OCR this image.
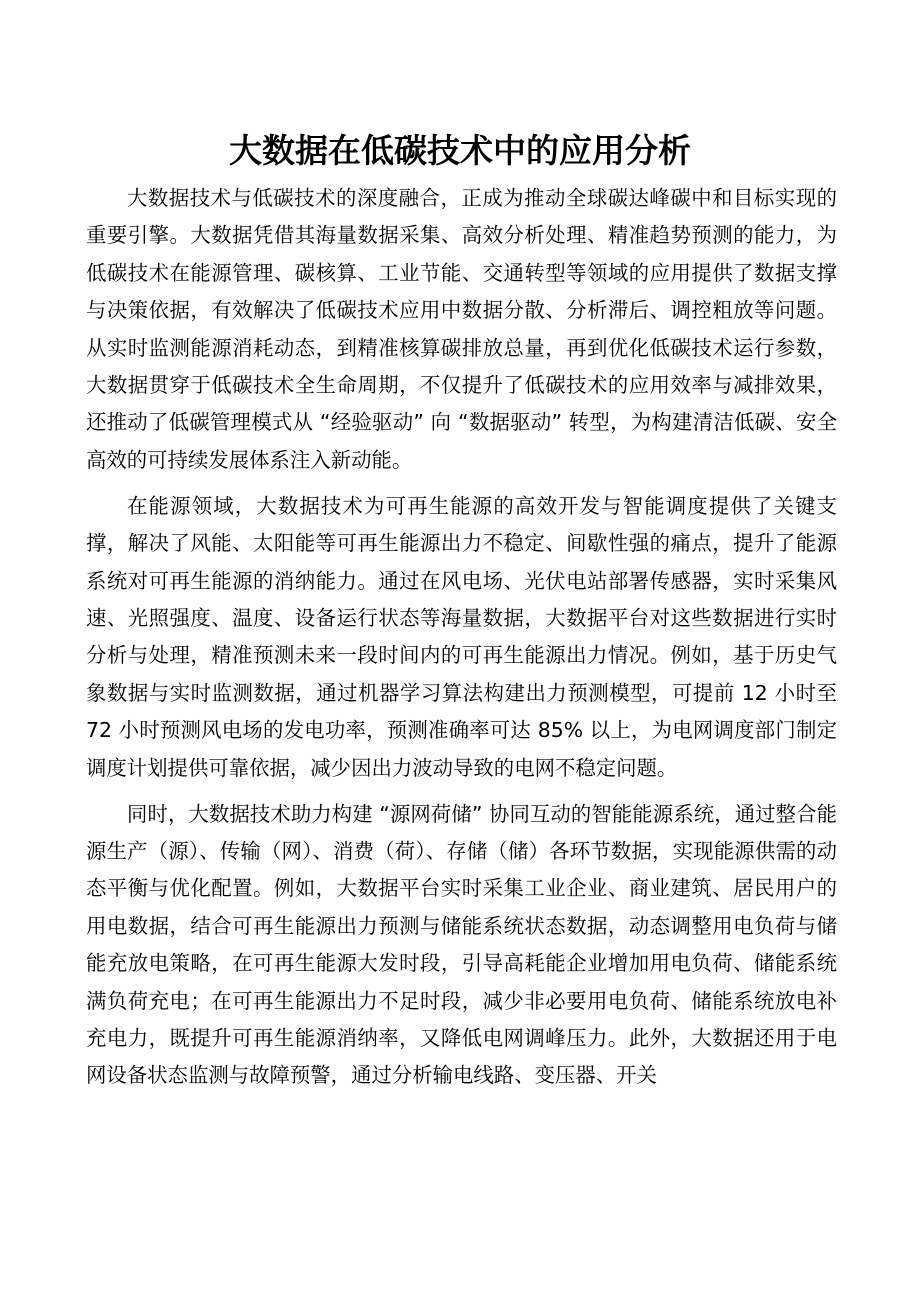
大数据在低碳技术中的应用分析

大数据技术与低碳技术的深度融合，正成为推动全球碳达峰碳中和目标实现的重要引擎。大数据凭借其海量数据采集、高效分析处理、精准趋势预测的能力，为低碳技术在能源管理、碳核算、工业节能、交通转型等领域的应用提供了数据支撑与决策依据，有效解决了低碳技术应用中数据分散、分析滞后、调控粗放等问题。从实时监测能源消耗动态，到精准核算碳排放总量，再到优化低碳技术运行参数，大数据贯穿于低碳技术全生命周期，不仅提升了低碳技术的应用效率与减排效果，还推动了低碳管理模式从 “经验驱动” 向 “数据驱动” 转型，为构建清洁低碳、安全高效的可持续发展体系注入新动能。

在能源领域，大数据技术为可再生能源的高效开发与智能调度提供了关键支撑，解决了风能、太阳能等可再生能源出力不稳定、间歇性强的痛点，提升了能源系统对可再生能源的消纳能力。通过在风电场、光伏电站部署传感器，实时采集风速、光照强度、温度、设备运行状态等海量数据，大数据平台对这些数据进行实时分析与处理，精准预测未来一段时间内的可再生能源出力情况。例如，基于历史气象数据与实时监测数据，通过机器学习算法构建出力预测模型，可提前 12 小时至 72 小时预测风电场的发电功率，预测准确率可达 85% 以上，为电网调度部门制定调度计划提供可靠依据，减少因出力波动导致的电网不稳定问题。

同时，大数据技术助力构建 “源网荷储” 协同互动的智能能源系统，通过整合能源生产（源）、传输（网）、消费（荷）、存储（储）各环节数据，实现能源供需的动态平衡与优化配置。例如，大数据平台实时采集工业企业、商业建筑、居民用户的用电数据，结合可再生能源出力预测与储能系统状态数据，动态调整用电负荷与储能充放电策略，在可再生能源大发时段，引导高耗能企业增加用电负荷、储能系统满负荷充电；在可再生能源出力不足时段，减少非必要用电负荷、储能系统放电补充电力，既提升可再生能源消纳率，又降低电网调峰压力。此外，大数据还用于电网设备状态监测与故障预警，通过分析输电线路、变压器、开关
